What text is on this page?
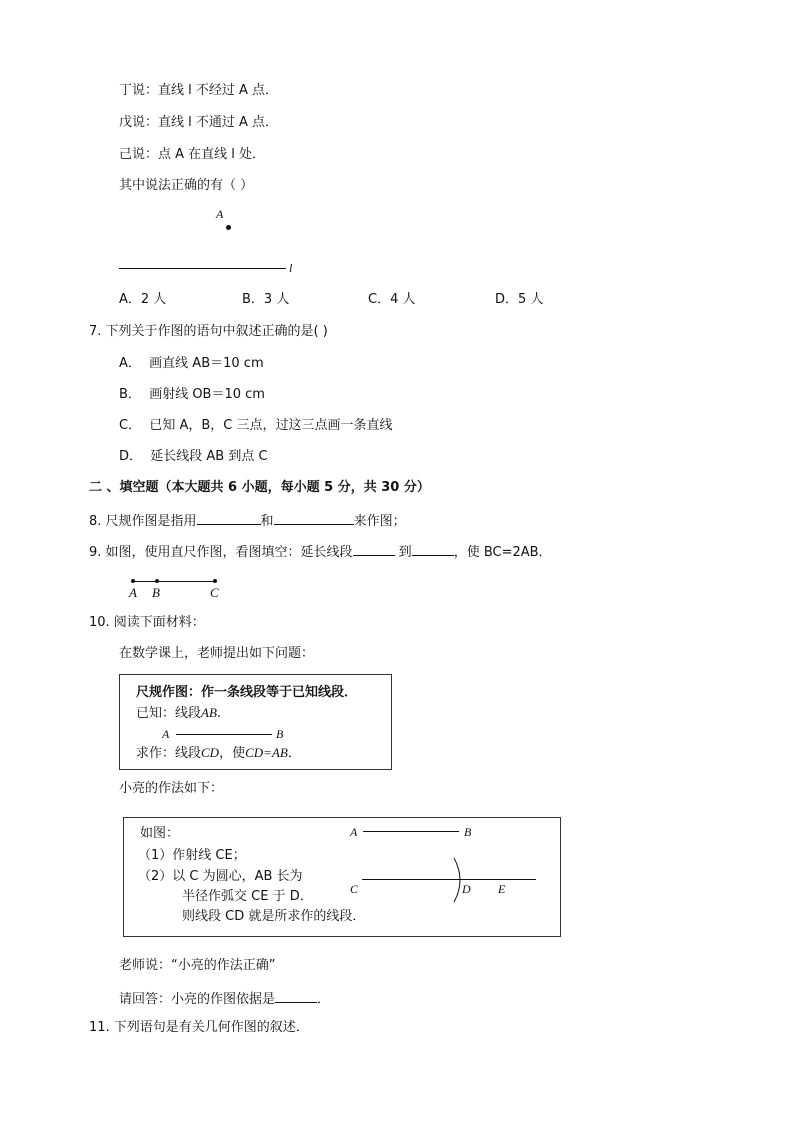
丁说：直线 l 不经过 A 点．
戊说：直线 l 不通过 A 点．
己说：点 A 在直线 l 处．
其中说法正确的有（ ）
A
l
A．2 人	B．3 人	C．4 人	D．5 人
7. 下列关于作图的语句中叙述正确的是( )
A． 画直线 AB＝10 cm
B． 画射线 OB＝10 cm
C． 已知 A，B，C 三点，过这三点画一条直线
D． 延长线段 AB 到点 C
二 、填空题（本大题共 6 小题，每小题 5 分，共 30 分）
8. 尺规作图是指用	和	来作图；
9. 如图，使用直尺作图，看图填空：延长线段	到	，使 BC=2AB．
A B	C
10. 阅读下面材料：
在数学课上，老师提出如下问题：
尺规作图：作一条线段等于已知线段．
已知：线段AB.
A	B
求作：线段CD，使CD=AB．
小亮的作法如下：
如图：
（1）作射线 CE；
（2）以 C 为圆心，AB 长为
半径作弧交 CE 于 D．
则线段 CD 就是所求作的线段．
A	B
C	D E
老师说：“小亮的作法正确”
请回答：小亮的作图依据是	．
11. 下列语句是有关几何作图的叙述．
